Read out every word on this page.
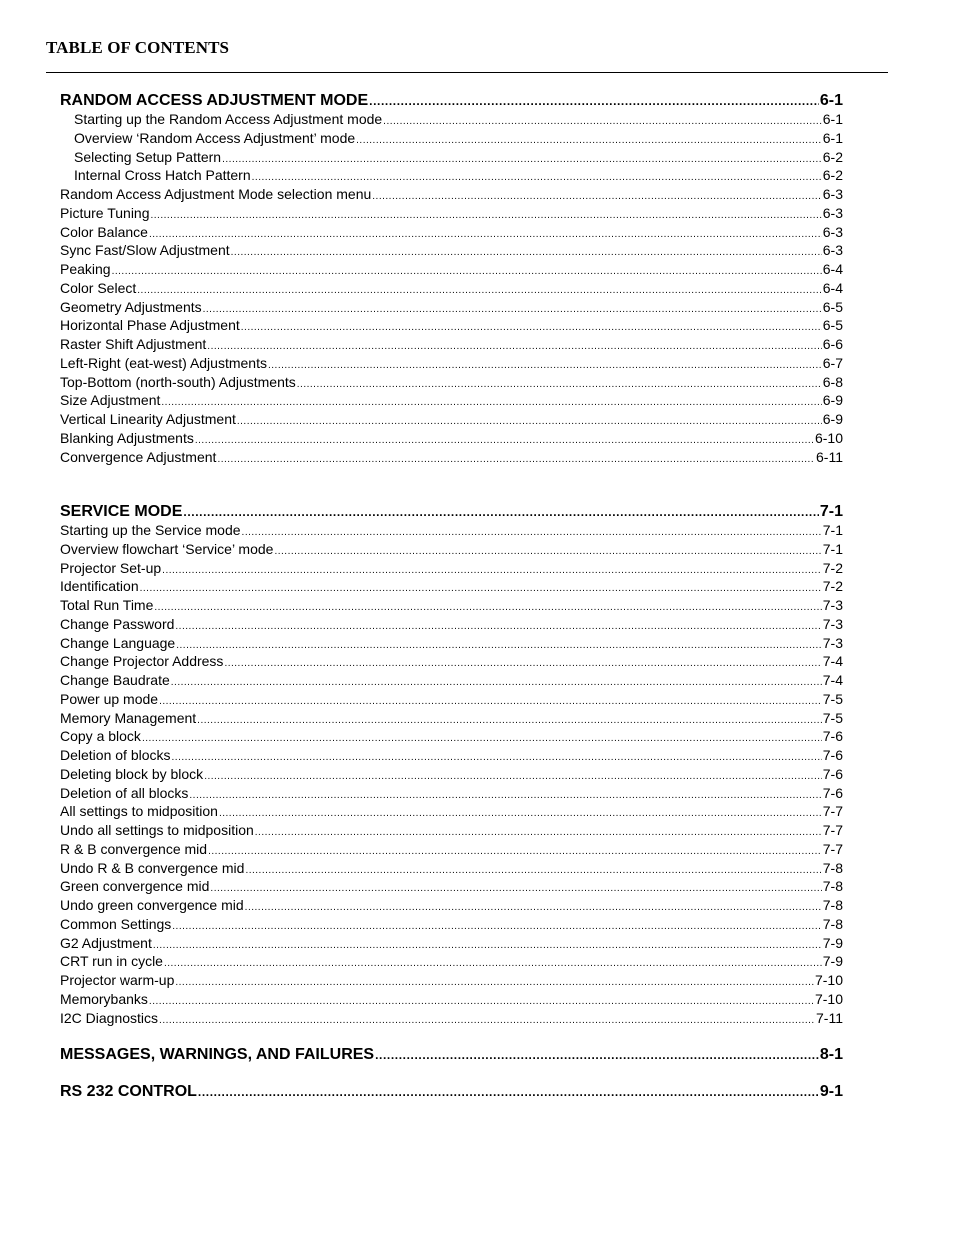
TABLE OF CONTENTS
RANDOM ACCESS ADJUSTMENT MODE .....	6-1
Starting up the Random Access Adjustment mode .....	6-1
Overview ‘Random Access Adjustment’ mode .....	6-1
Selecting Setup Pattern .....	6-2
Internal Cross Hatch Pattern .....	6-2
Random Access Adjustment Mode selection menu .....	6-3
Picture Tuning .....	6-3
Color Balance .....	6-3
Sync Fast/Slow Adjustment .....	6-3
Peaking .....	6-4
Color Select .....	6-4
Geometry Adjustments .....	6-5
Horizontal Phase Adjustment .....	6-5
Raster Shift Adjustment .....	6-6
Left-Right (eat-west) Adjustments .....	6-7
Top-Bottom (north-south) Adjustments .....	6-8
Size Adjustment .....	6-9
Vertical Linearity Adjustment .....	6-9
Blanking Adjustments .....	6-10
Convergence Adjustment .....	6-11
SERVICE MODE .....	7-1
Starting up the Service mode .....	7-1
Overview flowchart ‘Service’ mode .....	7-1
Projector Set-up .....	7-2
Identification .....	7-2
Total Run Time .....	7-3
Change Password .....	7-3
Change Language .....	7-3
Change Projector Address .....	7-4
Change Baudrate .....	7-4
Power up mode .....	7-5
Memory Management .....	7-5
Copy a block .....	7-6
Deletion of blocks .....	7-6
Deleting block by block .....	7-6
Deletion of all blocks .....	7-6
All settings to midposition .....	7-7
Undo all settings to midposition .....	7-7
R & B convergence mid .....	7-7
Undo R & B convergence mid .....	7-8
Green convergence mid .....	7-8
Undo green convergence mid .....	7-8
Common Settings .....	7-8
G2 Adjustment .....	7-9
CRT run in cycle .....	7-9
Projector warm-up .....	7-10
Memorybanks .....	7-10
I2C Diagnostics .....	7-11
MESSAGES, WARNINGS, AND FAILURES .....	8-1
RS 232 CONTROL .....	9-1
